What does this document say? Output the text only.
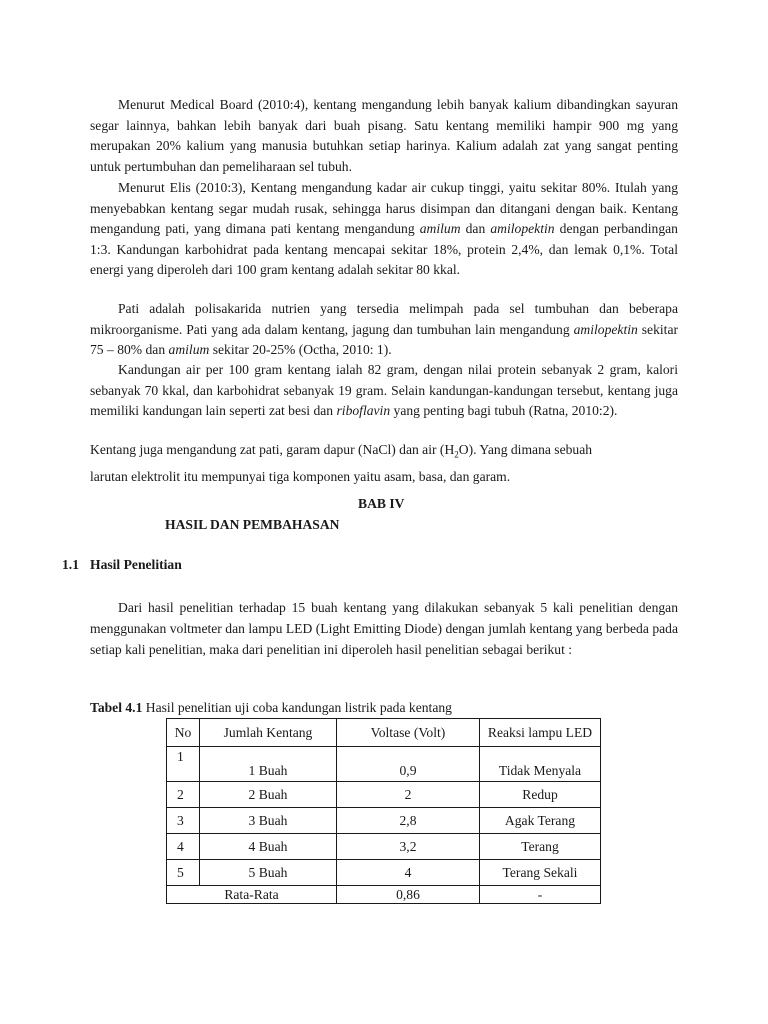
Menurut Medical Board (2010:4), kentang mengandung lebih banyak kalium dibandingkan sayuran segar lainnya, bahkan lebih banyak dari buah pisang. Satu kentang memiliki hampir 900 mg yang merupakan 20% kalium yang manusia butuhkan setiap harinya. Kalium adalah zat yang sangat penting untuk pertumbuhan dan pemeliharaan sel tubuh.

Menurut Elis (2010:3), Kentang mengandung kadar air cukup tinggi, yaitu sekitar 80%. Itulah yang menyebabkan kentang segar mudah rusak, sehingga harus disimpan dan ditangani dengan baik. Kentang mengandung pati, yang dimana pati kentang mengandung amilum dan amilopektin dengan perbandingan 1:3. Kandungan karbohidrat pada kentang mencapai sekitar 18%, protein 2,4%, dan lemak 0,1%. Total energi yang diperoleh dari 100 gram kentang adalah sekitar 80 kkal.

Pati adalah polisakarida nutrien yang tersedia melimpah pada sel tumbuhan dan beberapa mikroorganisme. Pati yang ada dalam kentang, jagung dan tumbuhan lain mengandung amilopektin sekitar 75 – 80% dan amilum sekitar 20-25% (Octha, 2010: 1).

Kandungan air per 100 gram kentang ialah 82 gram, dengan nilai protein sebanyak 2 gram, kalori sebanyak 70 kkal, dan karbohidrat sebanyak 19 gram. Selain kandungan-kandungan tersebut, kentang juga memiliki kandungan lain seperti zat besi dan riboflavin yang penting bagi tubuh (Ratna, 2010:2).

Kentang juga mengandung zat pati, garam dapur (NaCl) dan air $(H_2O)$. Yang dimana sebuah
larutan elektrolit itu mempunyai tiga komponen yaitu asam, basa, dan garam.

BAB IV
HASIL DAN PEMBAHASAN
1.1 Hasil Penelitian

Dari hasil penelitian terhadap 15 buah kentang yang dilakukan sebanyak 5 kali penelitian dengan menggunakan voltmeter dan lampu LED (Light Emitting Diode) dengan jumlah kentang yang berbeda pada setiap kali penelitian, maka dari penelitian ini diperoleh hasil penelitian sebagai berikut :

Tabel 4.1 Hasil penelitian uji coba kandungan listrik pada kentang
No	Jumlah Kentang	Voltase (Volt)	Reaksi lampu LED
1	1 Buah	0,9	Tidak Menyala
2	2 Buah	2	Redup
3	3 Buah	2,8	Agak Terang
4	4 Buah	3,2	Terang
5	5 Buah	4	Terang Sekali
Rata-Rata		0,86	-
